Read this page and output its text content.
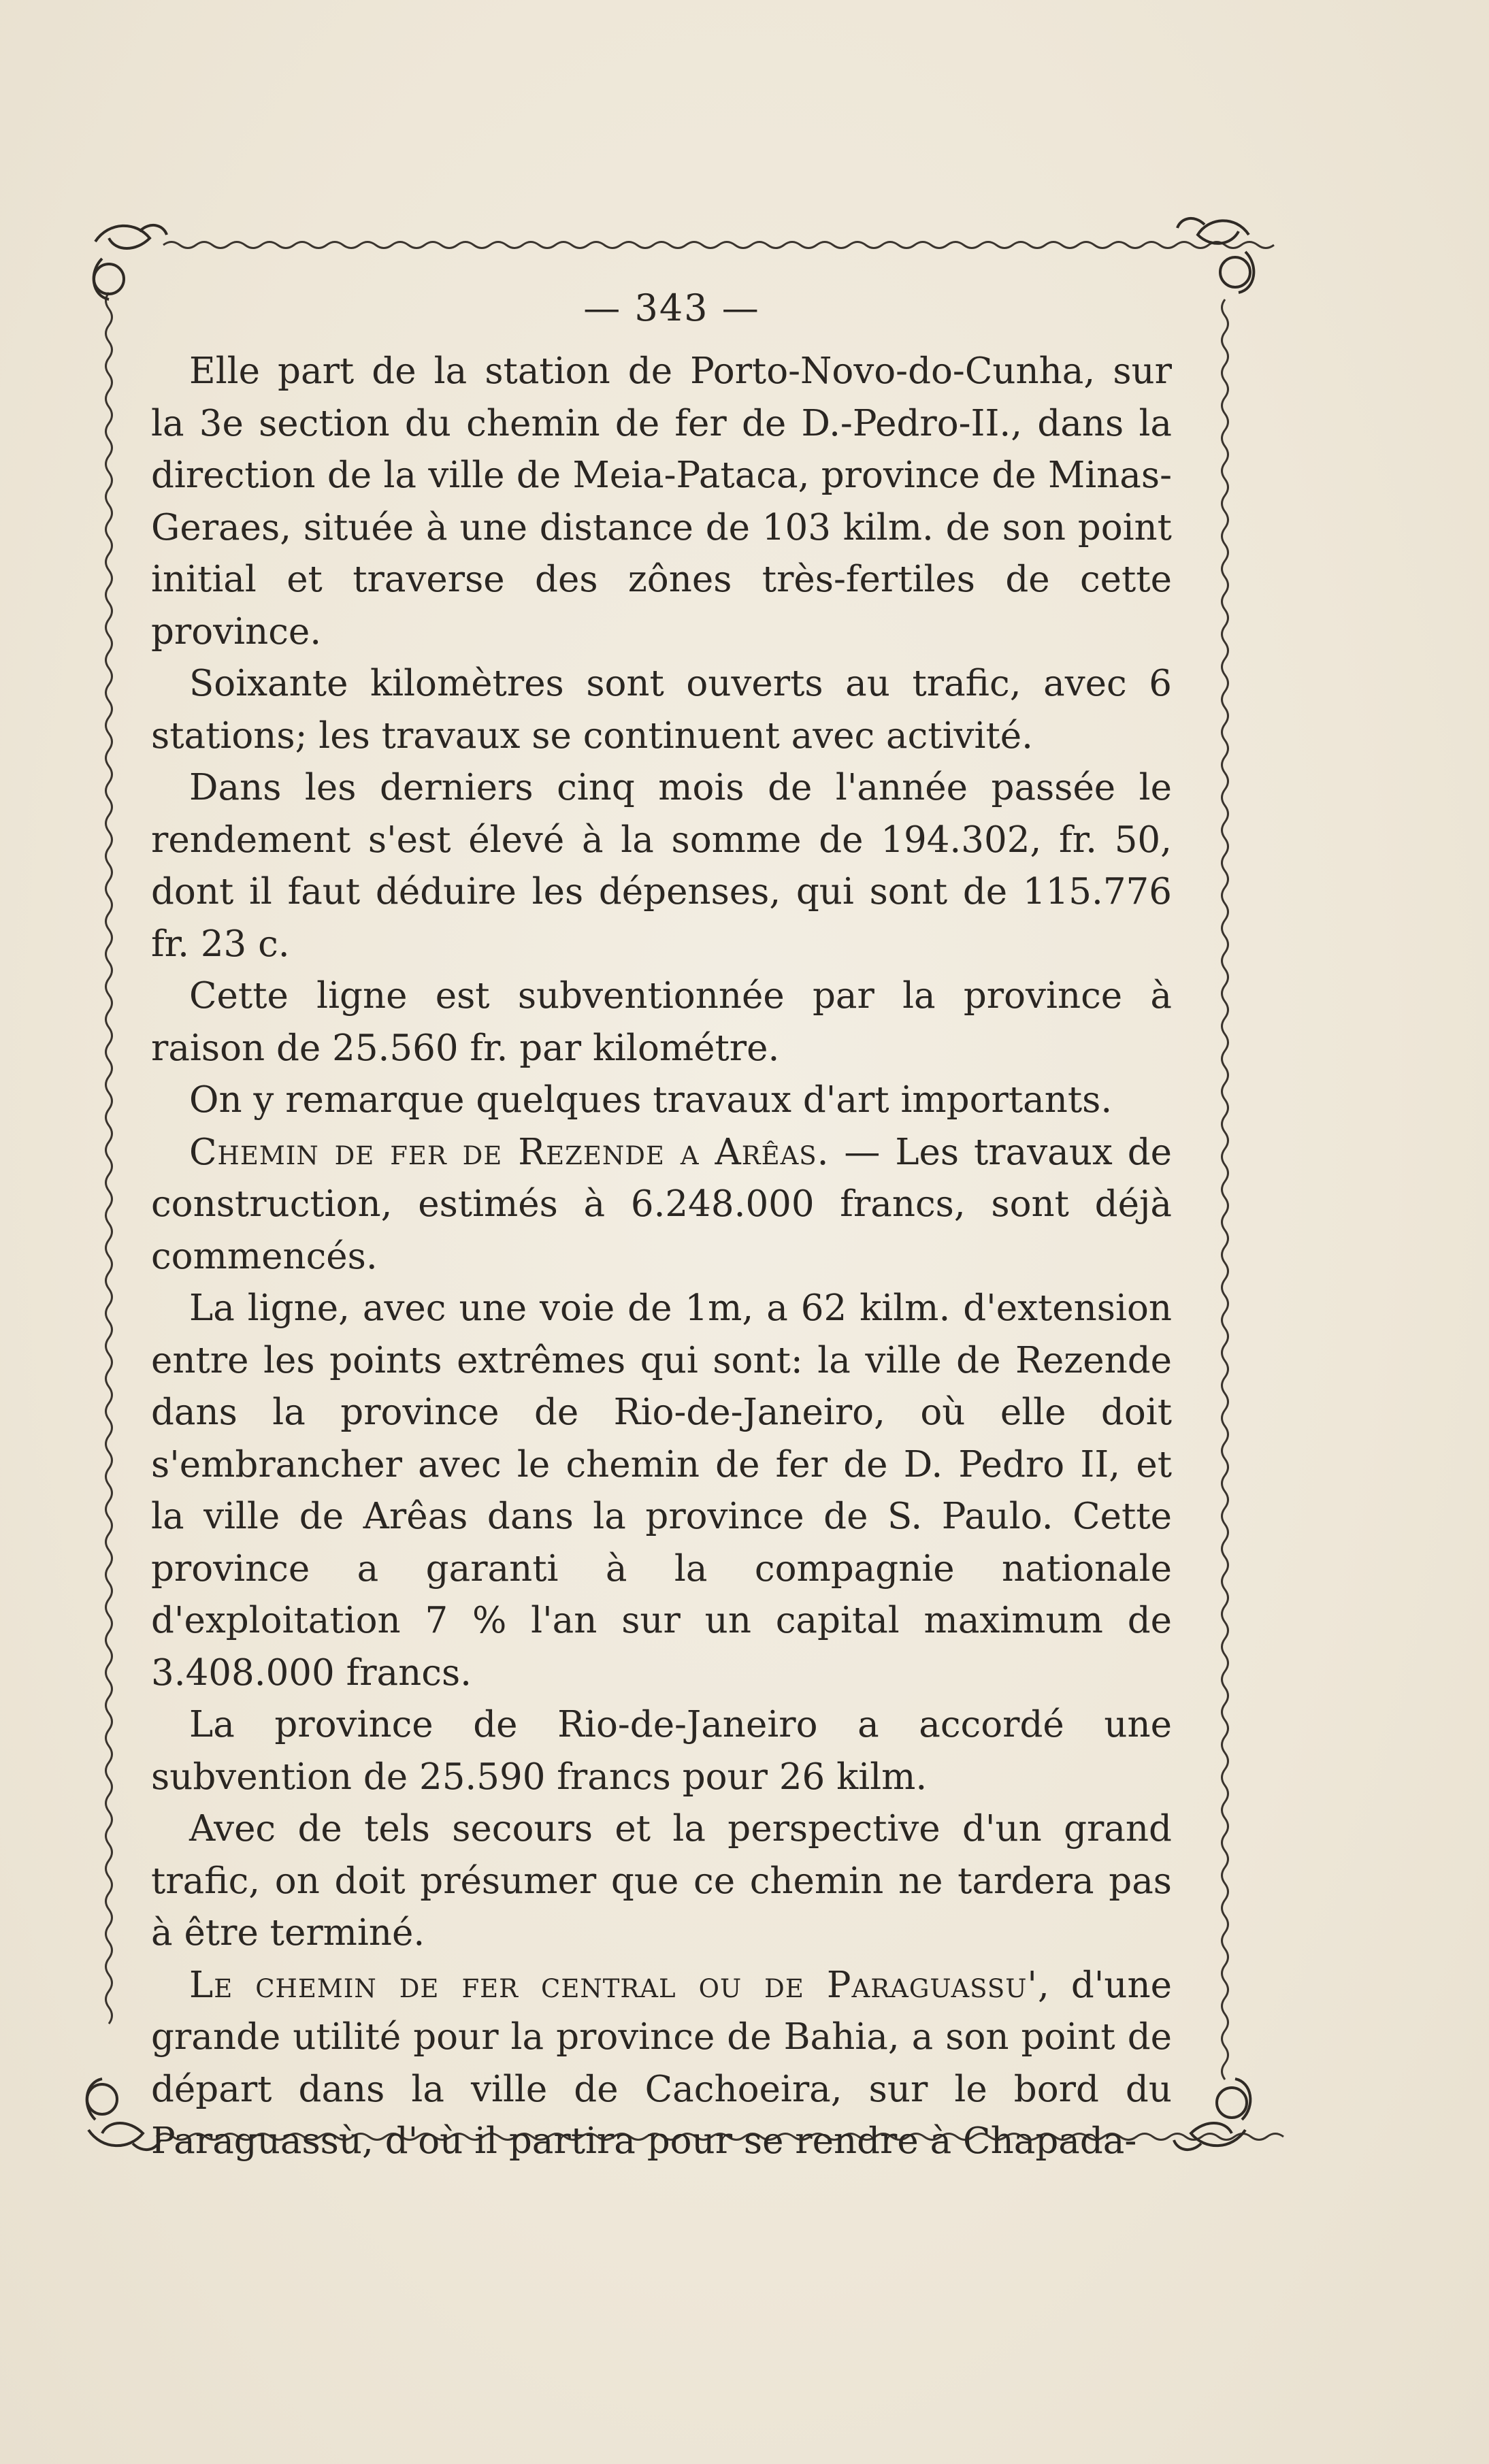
— 343 —

Elle part de la station de Porto-Novo-do-Cunha, sur la 3e section du chemin de fer de D.-Pedro-II., dans la direction de la ville de Meia-Pataca, province de Minas-Geraes, située à une distance de 103 kilm. de son point initial et traverse des zônes très-fertiles de cette province.

Soixante kilomètres sont ouverts au trafic, avec 6 stations; les travaux se continuent avec activité.

Dans les derniers cinq mois de l'année passée le rendement s'est élevé à la somme de 194.302, fr. 50, dont il faut déduire les dépenses, qui sont de 115.776 fr. 23 c.

Cette ligne est subventionnée par la province à raison de 25.560 fr. par kilométre.

On y remarque quelques travaux d'art importants.

Chemin de fer de Rezende a Arêas. — Les travaux de construction, estimés à 6.248.000 francs, sont déjà commencés.

La ligne, avec une voie de 1m, a 62 kilm. d'extension entre les points extrêmes qui sont: la ville de Rezende dans la province de Rio-de-Janeiro, où elle doit s'embrancher avec le chemin de fer de D. Pedro II, et la ville de Arêas dans la province de S. Paulo. Cette province a garanti à la compagnie nationale d'exploitation 7 % l'an sur un capital maximum de 3.408.000 francs.

La province de Rio-de-Janeiro a accordé une subvention de 25.590 francs pour 26 kilm.

Avec de tels secours et la perspective d'un grand trafic, on doit présumer que ce chemin ne tardera pas à être terminé.

Le chemin de fer central ou de Paraguassu', d'une grande utilité pour la province de Bahia, a son point de départ dans la ville de Cachoeira, sur le bord du Paraguassù, d'où il partira pour se rendre à Chapada-
